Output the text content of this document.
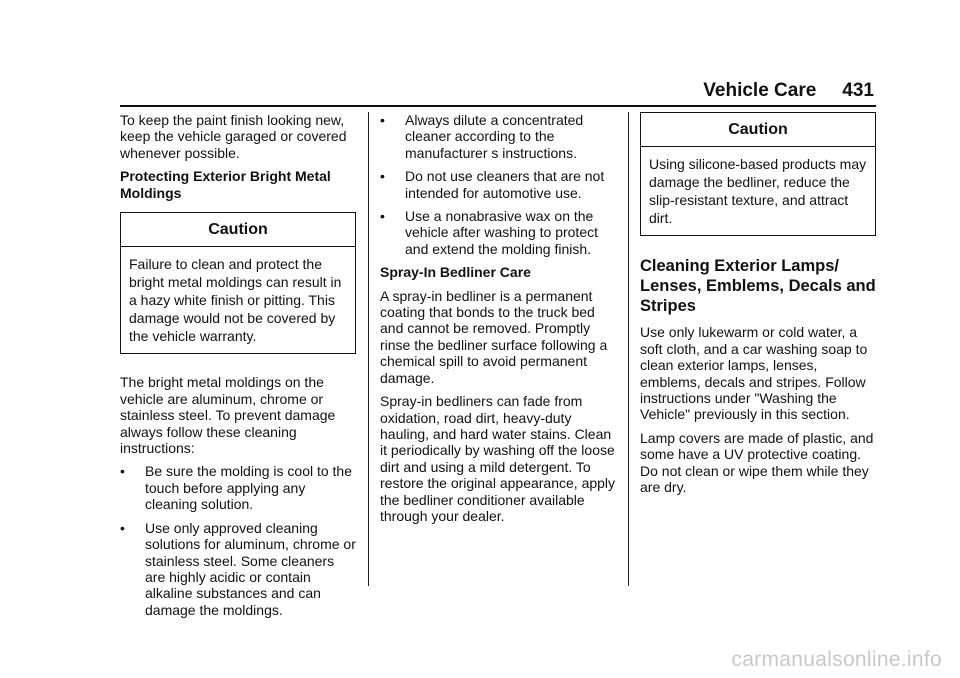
Vehicle Care 431

To keep the paint finish looking new, keep the vehicle garaged or covered whenever possible.

Protecting Exterior Bright Metal Moldings

Caution
Failure to clean and protect the bright metal moldings can result in a hazy white finish or pitting. This damage would not be covered by the vehicle warranty.

The bright metal moldings on the vehicle are aluminum, chrome or stainless steel. To prevent damage always follow these cleaning instructions:

• Be sure the molding is cool to the touch before applying any cleaning solution.
• Use only approved cleaning solutions for aluminum, chrome or stainless steel. Some cleaners are highly acidic or contain alkaline substances and can damage the moldings.
• Always dilute a concentrated cleaner according to the manufacturer s instructions.
• Do not use cleaners that are not intended for automotive use.
• Use a nonabrasive wax on the vehicle after washing to protect and extend the molding finish.

Spray-In Bedliner Care

A spray-in bedliner is a permanent coating that bonds to the truck bed and cannot be removed. Promptly rinse the bedliner surface following a chemical spill to avoid permanent damage.

Spray-in bedliners can fade from oxidation, road dirt, heavy-duty hauling, and hard water stains. Clean it periodically by washing off the loose dirt and using a mild detergent. To restore the original appearance, apply the bedliner conditioner available through your dealer.

Caution
Using silicone-based products may damage the bedliner, reduce the slip-resistant texture, and attract dirt.
Cleaning Exterior Lamps/ Lenses, Emblems, Decals and Stripes

Use only lukewarm or cold water, a soft cloth, and a car washing soap to clean exterior lamps, lenses, emblems, decals and stripes. Follow instructions under "Washing the Vehicle" previously in this section.

Lamp covers are made of plastic, and some have a UV protective coating. Do not clean or wipe them while they are dry.

carmanualsonline.info
